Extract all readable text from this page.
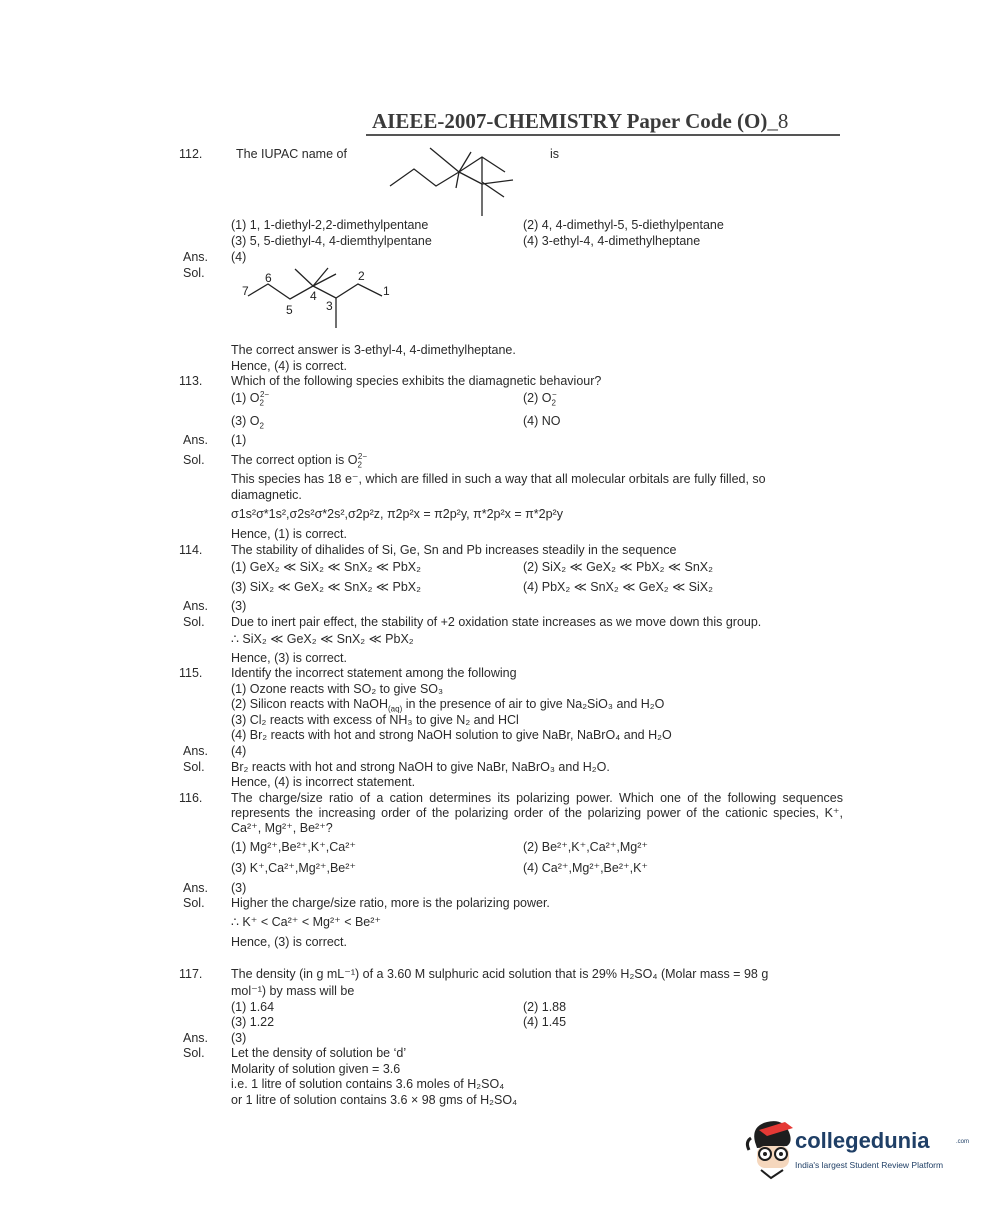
AIEEE-2007-CHEMISTRY Paper Code (O)_8
112.	The IUPAC name of	is
(1) 1, 1-diethyl-2,2-dimethylpentane	(2) 4, 4-dimethyl-5, 5-diethylpentane
(3) 5, 5-diethyl-4, 4-diemthylpentane	(4) 3-ethyl-4, 4-dimethylheptane
Ans. (4)
Sol.	6	2
7	4	1
5	3
The correct answer is 3-ethyl-4, 4-dimethylheptane.
Hence, (4) is correct.
113. Which of the following species exhibits the diamagnetic behaviour?
(1) $O_2^{2-}$	(2) $O_2^-$
(3) $O_2$	(4) NO
Ans. (1)
Sol. The correct option is $O_2^{2-}$
This species has 18 e⁻, which are filled in such a way that all molecular orbitals are fully filled, so
diamagnetic.
σ1s²σ*1s²,σ2s²σ*2s²,σ2p²z, π2p²x = π2p²y, π*2p²x = π*2p²y
Hence, (1) is correct.
114. The stability of dihalides of Si, Ge, Sn and Pb increases steadily in the sequence
(1) GeX₂ ≪ SiX₂ ≪ SnX₂ ≪ PbX₂	(2) SiX₂ ≪ GeX₂ ≪ PbX₂ ≪ SnX₂
(3) SiX₂ ≪ GeX₂ ≪ SnX₂ ≪ PbX₂	(4) PbX₂ ≪ SnX₂ ≪ GeX₂ ≪ SiX₂
Ans. (3)
Sol. Due to inert pair effect, the stability of +2 oxidation state increases as we move down this group.
∴ SiX₂ ≪ GeX₂ ≪ SnX₂ ≪ PbX₂
Hence, (3) is correct.
115. Identify the incorrect statement among the following
(1) Ozone reacts with SO₂ to give SO₃
(2) Silicon reacts with NaOH$_{(aq)}$ in the presence of air to give Na₂SiO₃ and H₂O
(3) Cl₂ reacts with excess of NH₃ to give N₂ and HCl
(4) Br₂ reacts with hot and strong NaOH solution to give NaBr, NaBrO₄ and H₂O
Ans. (4)
Sol. Br₂ reacts with hot and strong NaOH to give NaBr, NaBrO₃ and H₂O.
Hence, (4) is incorrect statement.
116. The charge/size ratio of a cation determines its polarizing power. Which one of the following sequences represents the increasing order of the polarizing order of the polarizing power of the cationic species, K⁺, Ca²⁺, Mg²⁺, Be²⁺?
(1) Mg²⁺,Be²⁺,K⁺,Ca²⁺	(2) Be²⁺,K⁺,Ca²⁺,Mg²⁺
(3) K⁺,Ca²⁺,Mg²⁺,Be²⁺	(4) Ca²⁺,Mg²⁺,Be²⁺,K⁺
Ans. (3)
Sol. Higher the charge/size ratio, more is the polarizing power.
∴ K⁺ < Ca²⁺ < Mg²⁺ < Be²⁺
Hence, (3) is correct.
117. The density (in g mL⁻¹) of a 3.60 M sulphuric acid solution that is 29% H₂SO₄ (Molar mass = 98 g
mol⁻¹) by mass will be
(1) 1.64	(2) 1.88
(3) 1.22	(4) 1.45
Ans. (3)
Sol. Let the density of solution be ‘d’
Molarity of solution given = 3.6
i.e. 1 litre of solution contains 3.6 moles of H₂SO₄
or 1 litre of solution contains 3.6 × 98 gms of H₂SO₄
collegedunia	.com
India's largest Student Review Platform
